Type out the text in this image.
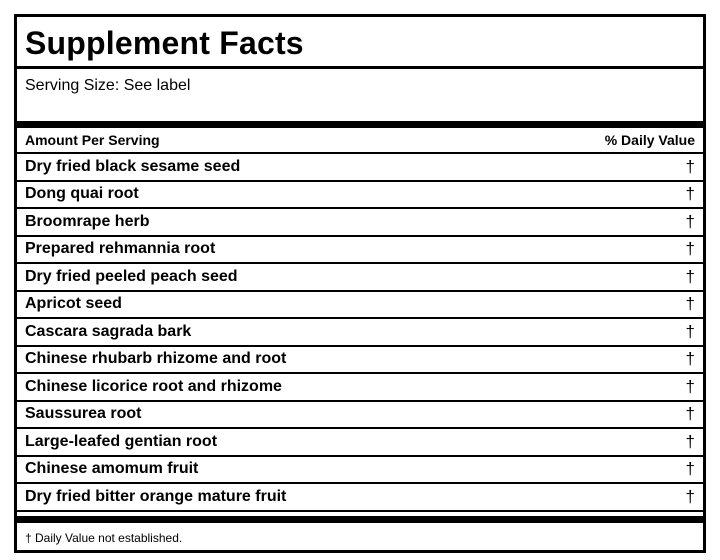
Supplement Facts
Serving Size: See label
Amount Per Serving	% Daily Value
Dry fried black sesame seed	†
Dong quai root	†
Broomrape herb	†
Prepared rehmannia root	†
Dry fried peeled peach seed	†
Apricot seed	†
Cascara sagrada bark	†
Chinese rhubarb rhizome and root	†
Chinese licorice root and rhizome	†
Saussurea root	†
Large-leafed gentian root	†
Chinese amomum fruit	†
Dry fried bitter orange mature fruit	†
† Daily Value not established.
